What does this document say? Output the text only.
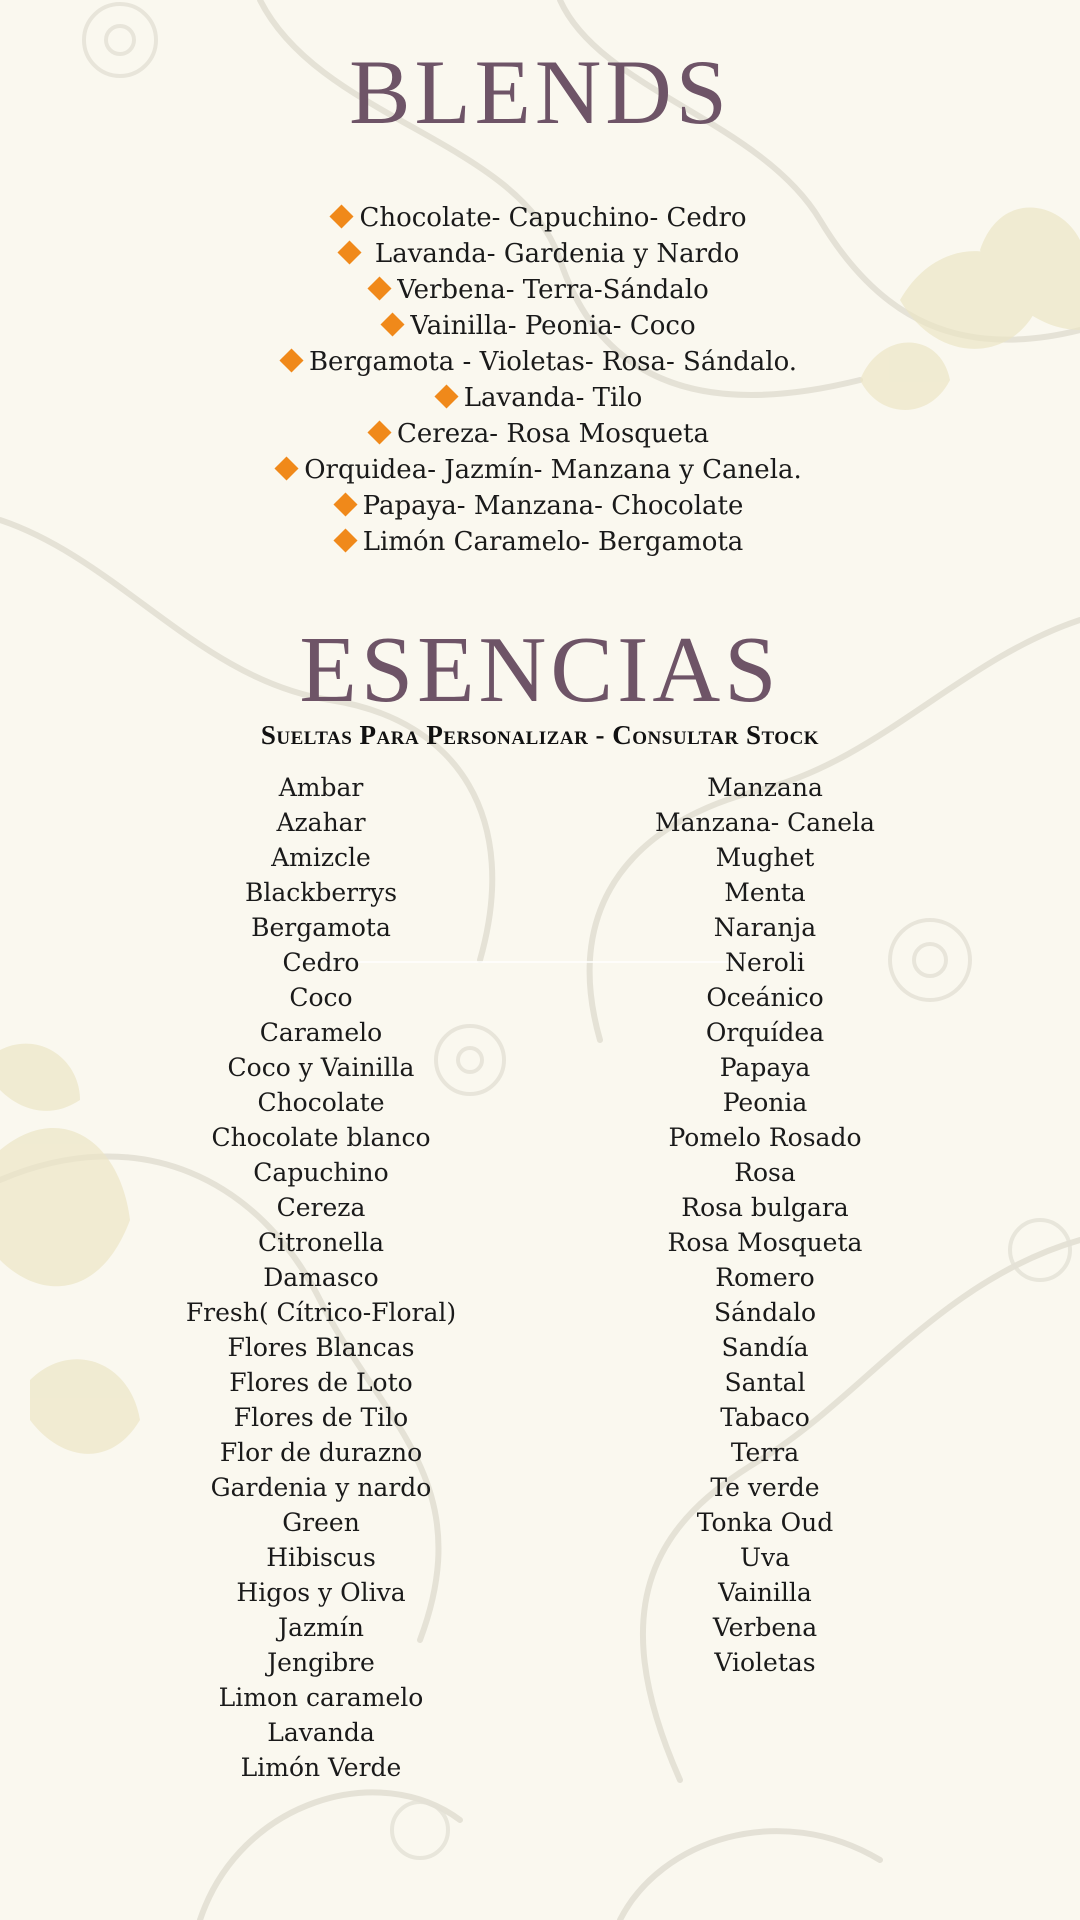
BLENDS
Chocolate- Capuchino- Cedro
Lavanda- Gardenia y Nardo
Verbena- Terra-Sándalo
Vainilla- Peonia- Coco
Bergamota - Violetas- Rosa- Sándalo.
Lavanda- Tilo
Cereza- Rosa Mosqueta
Orquidea- Jazmín- Manzana y Canela.
Papaya- Manzana- Chocolate
Limón Caramelo- Bergamota
ESENCIAS
Sueltas Para Personalizar - Consultar Stock
Ambar
Azahar
Amizcle
Blackberrys
Bergamota
Cedro
Coco
Caramelo
Coco y Vainilla
Chocolate
Chocolate blanco
Capuchino
Cereza
Citronella
Damasco
Fresh( Cítrico-Floral)
Flores Blancas
Flores de Loto
Flores de Tilo
Flor de durazno
Gardenia y nardo
Green
Hibiscus
Higos y Oliva
Jazmín
Jengibre
Limon caramelo
Lavanda
Limón Verde
Manzana
Manzana- Canela
Mughet
Menta
Naranja
Neroli
Oceánico
Orquídea
Papaya
Peonia
Pomelo Rosado
Rosa
Rosa bulgara
Rosa Mosqueta
Romero
Sándalo
Sandía
Santal
Tabaco
Terra
Te verde
Tonka Oud
Uva
Vainilla
Verbena
Violetas
